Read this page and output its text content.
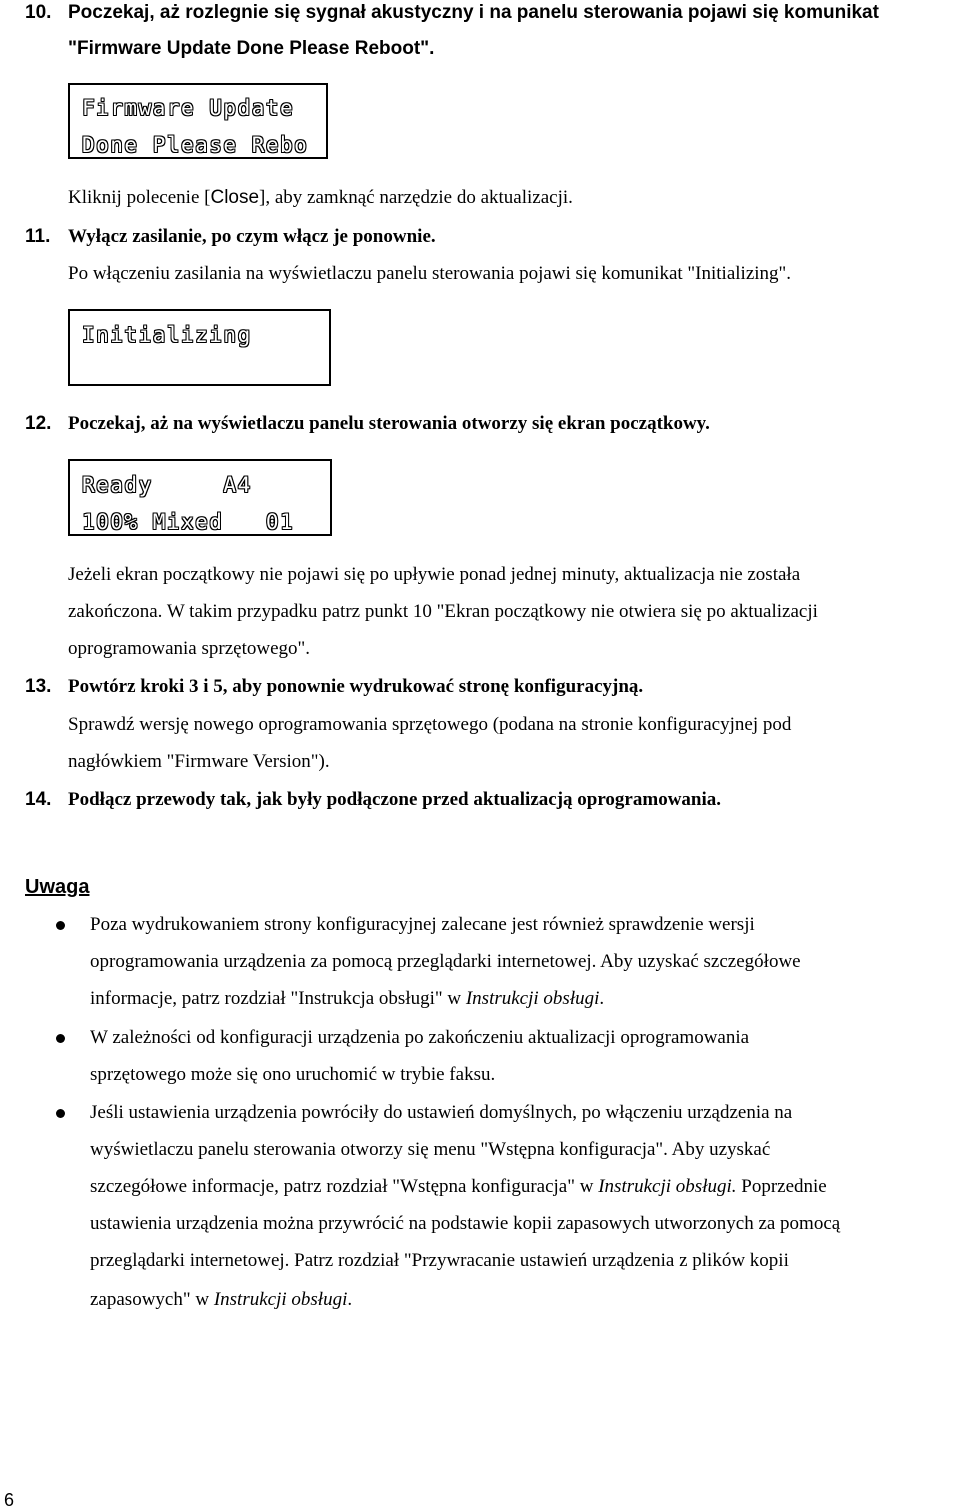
10. Poczekaj, aż rozlegnie się sygnał akustyczny i na panelu sterowania pojawi się komunikat
"Firmware Update Done Please Reboot".
Firmware Update
Done Please Rebo
Kliknij polecenie [Close], aby zamknąć narzędzie do aktualizacji.
11. Wyłącz zasilanie, po czym włącz je ponownie.
Po włączeniu zasilania na wyświetlaczu panelu sterowania pojawi się komunikat "Initializing".
Initializing
12. Poczekaj, aż na wyświetlaczu panelu sterowania otworzy się ekran początkowy.
Ready     A4
100% Mixed   01
Jeżeli ekran początkowy nie pojawi się po upływie ponad jednej minuty, aktualizacja nie została
zakończona. W takim przypadku patrz punkt 10 "Ekran początkowy nie otwiera się po aktualizacji
oprogramowania sprzętowego".
13. Powtórz kroki 3 i 5, aby ponownie wydrukować stronę konfiguracyjną.
Sprawdź wersję nowego oprogramowania sprzętowego (podana na stronie konfiguracyjnej pod
nagłówkiem "Firmware Version").
14. Podłącz przewody tak, jak były podłączone przed aktualizacją oprogramowania.
Uwaga
Poza wydrukowaniem strony konfiguracyjnej zalecane jest również sprawdzenie wersji
oprogramowania urządzenia za pomocą przeglądarki internetowej. Aby uzyskać szczegółowe
informacje, patrz rozdział "Instrukcja obsługi" w Instrukcji obsługi.
W zależności od konfiguracji urządzenia po zakończeniu aktualizacji oprogramowania
sprzętowego może się ono uruchomić w trybie faksu.
Jeśli ustawienia urządzenia powróciły do ustawień domyślnych, po włączeniu urządzenia na
wyświetlaczu panelu sterowania otworzy się menu "Wstępna konfiguracja". Aby uzyskać
szczegółowe informacje, patrz rozdział "Wstępna konfiguracja" w Instrukcji obsługi. Poprzednie
ustawienia urządzenia można przywrócić na podstawie kopii zapasowych utworzonych za pomocą
przeglądarki internetowej. Patrz rozdział "Przywracanie ustawień urządzenia z plików kopii
zapasowych" w Instrukcji obsługi.
6
